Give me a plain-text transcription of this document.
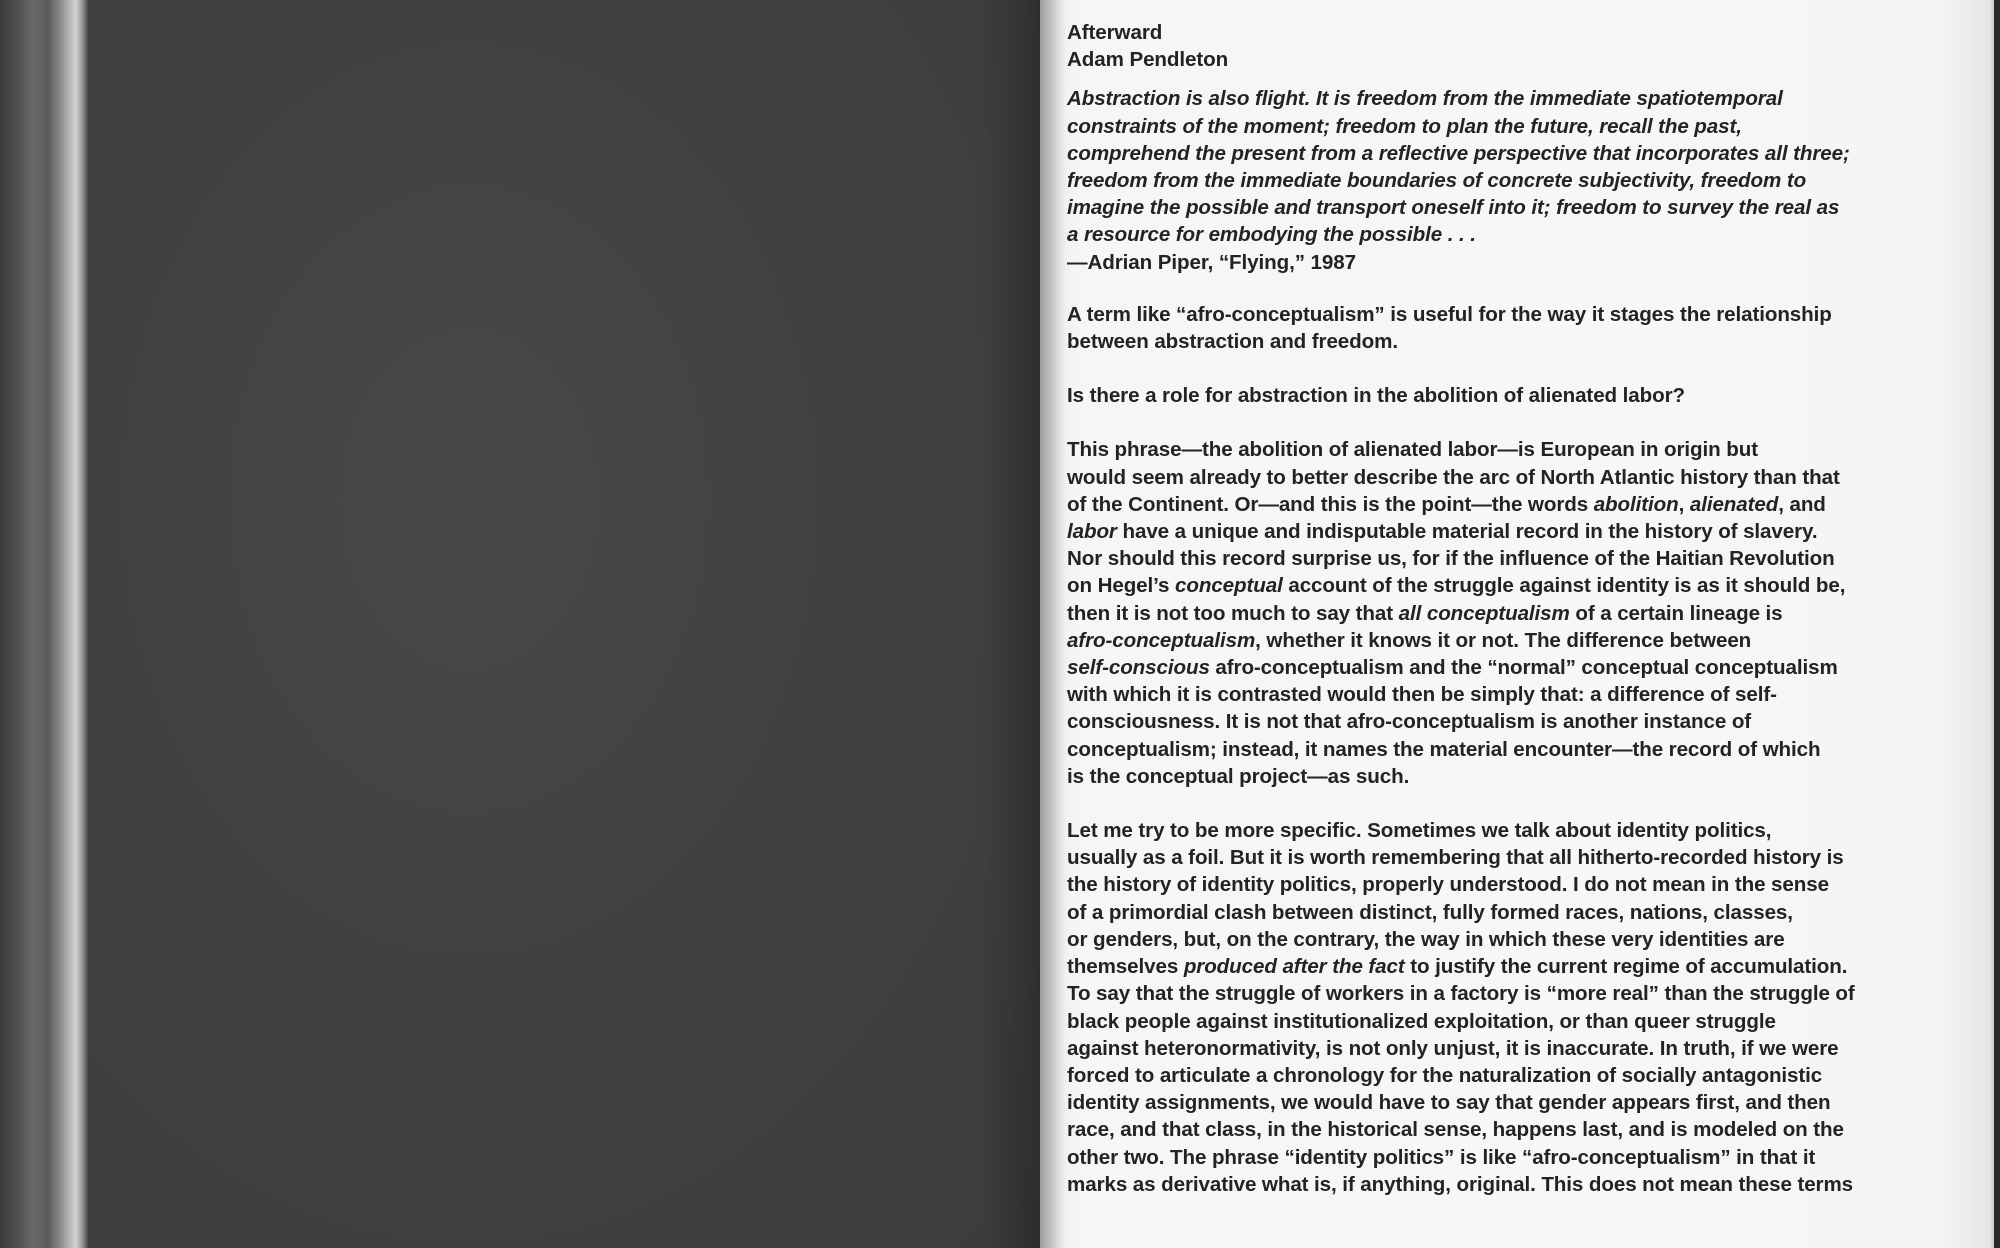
Afterward
Adam Pendleton

Abstraction is also flight. It is freedom from the immediate spatiotemporal
constraints of the moment; freedom to plan the future, recall the past,
comprehend the present from a reflective perspective that incorporates all three;
freedom from the immediate boundaries of concrete subjectivity, freedom to
imagine the possible and transport oneself into it; freedom to survey the real as
a resource for embodying the possible . . .
—Adrian Piper, “Flying,” 1987

A term like “afro-conceptualism” is useful for the way it stages the relationship
between abstraction and freedom.

Is there a role for abstraction in the abolition of alienated labor?

This phrase—the abolition of alienated labor—is European in origin but
would seem already to better describe the arc of North Atlantic history than that
of the Continent. Or—and this is the point—the words abolition, alienated, and
labor have a unique and indisputable material record in the history of slavery.
Nor should this record surprise us, for if the influence of the Haitian Revolution
on Hegel’s conceptual account of the struggle against identity is as it should be,
then it is not too much to say that all conceptualism of a certain lineage is
afro-conceptualism, whether it knows it or not. The difference between
self-conscious afro-conceptualism and the “normal” conceptual conceptualism
with which it is contrasted would then be simply that: a difference of self-
consciousness. It is not that afro-conceptualism is another instance of
conceptualism; instead, it names the material encounter—the record of which
is the conceptual project—as such.

Let me try to be more specific. Sometimes we talk about identity politics,
usually as a foil. But it is worth remembering that all hitherto-recorded history is
the history of identity politics, properly understood. I do not mean in the sense
of a primordial clash between distinct, fully formed races, nations, classes,
or genders, but, on the contrary, the way in which these very identities are
themselves produced after the fact to justify the current regime of accumulation.
To say that the struggle of workers in a factory is “more real” than the struggle of
black people against institutionalized exploitation, or than queer struggle
against heteronormativity, is not only unjust, it is inaccurate. In truth, if we were
forced to articulate a chronology for the naturalization of socially antagonistic
identity assignments, we would have to say that gender appears first, and then
race, and that class, in the historical sense, happens last, and is modeled on the
other two. The phrase “identity politics” is like “afro-conceptualism” in that it
marks as derivative what is, if anything, original. This does not mean these terms
